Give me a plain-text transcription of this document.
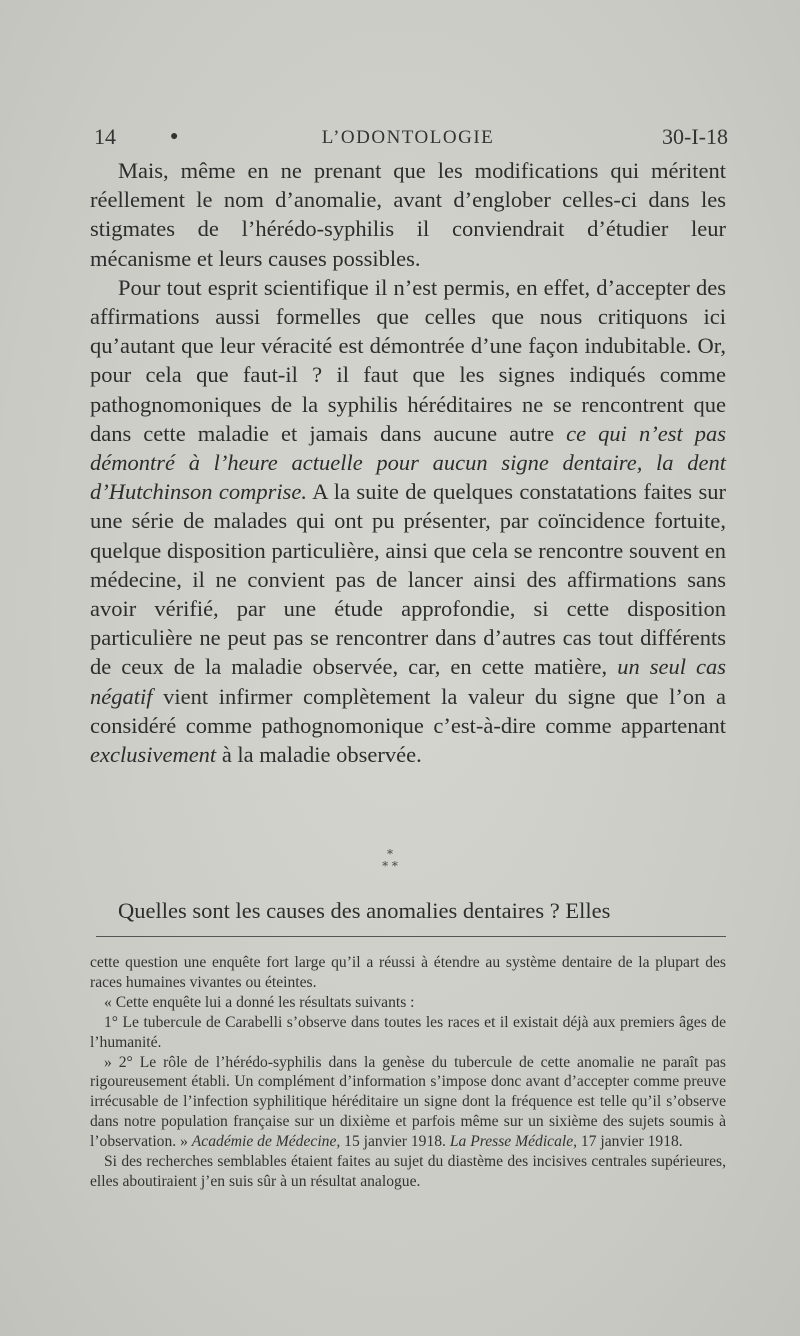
14	●	L’ODONTOLOGIE	30-I-18

Mais, même en ne prenant que les modifications qui méritent réellement le nom d’anomalie, avant d’englober celles-ci dans les stigmates de l’hérédo-syphilis il conviendrait d’étudier leur mécanisme et leurs causes possibles.

Pour tout esprit scientifique il n’est permis, en effet, d’accepter des affirmations aussi formelles que celles que nous critiquons ici qu’autant que leur véracité est démontrée d’une façon indubitable. Or, pour cela que faut-il ? il faut que les signes indiqués comme pathognomoniques de la syphilis héréditaires ne se rencontrent que dans cette maladie et jamais dans aucune autre ce qui n’est pas démontré à l’heure actuelle pour aucun signe dentaire, la dent d’Hutchinson comprise. A la suite de quelques constatations faites sur une série de malades qui ont pu présenter, par coïncidence fortuite, quelque disposition particulière, ainsi que cela se rencontre souvent en médecine, il ne convient pas de lancer ainsi des affirmations sans avoir vérifié, par une étude approfondie, si cette disposition particulière ne peut pas se rencontrer dans d’autres cas tout différents de ceux de la maladie observée, car, en cette matière, un seul cas négatif vient infirmer complètement la valeur du signe que l’on a considéré comme pathognomonique c’est-à-dire comme appartenant exclusivement à la maladie observée.

*
* *
Quelles sont les causes des anomalies dentaires ? Elles

cette question une enquête fort large qu’il a réussi à étendre au système dentaire de la plupart des races humaines vivantes ou éteintes.

« Cette enquête lui a donné les résultats suivants :

1° Le tubercule de Carabelli s’observe dans toutes les races et il existait déjà aux premiers âges de l’humanité.

» 2° Le rôle de l’hérédo-syphilis dans la genèse du tubercule de cette anomalie ne paraît pas rigoureusement établi. Un complément d’information s’impose donc avant d’accepter comme preuve irrécusable de l’infection syphilitique héréditaire un signe dont la fréquence est telle qu’il s’observe dans notre population française sur un dixième et parfois même sur un sixième des sujets soumis à l’observation. » Académie de Médecine, 15 janvier 1918. La Presse Médicale, 17 janvier 1918.

Si des recherches semblables étaient faites au sujet du diastème des incisives centrales supérieures, elles aboutiraient j’en suis sûr à un résultat analogue.
